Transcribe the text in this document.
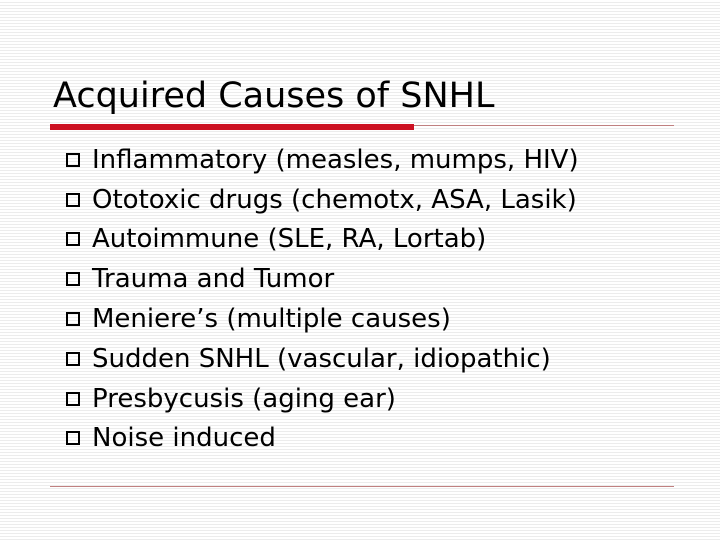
Acquired Causes of SNHL
Inflammatory (measles, mumps, HIV)
Ototoxic drugs (chemotx, ASA, Lasik)
Autoimmune (SLE, RA, Lortab)
Trauma and Tumor
Meniere’s (multiple causes)
Sudden SNHL (vascular, idiopathic)
Presbycusis (aging ear)
Noise induced
